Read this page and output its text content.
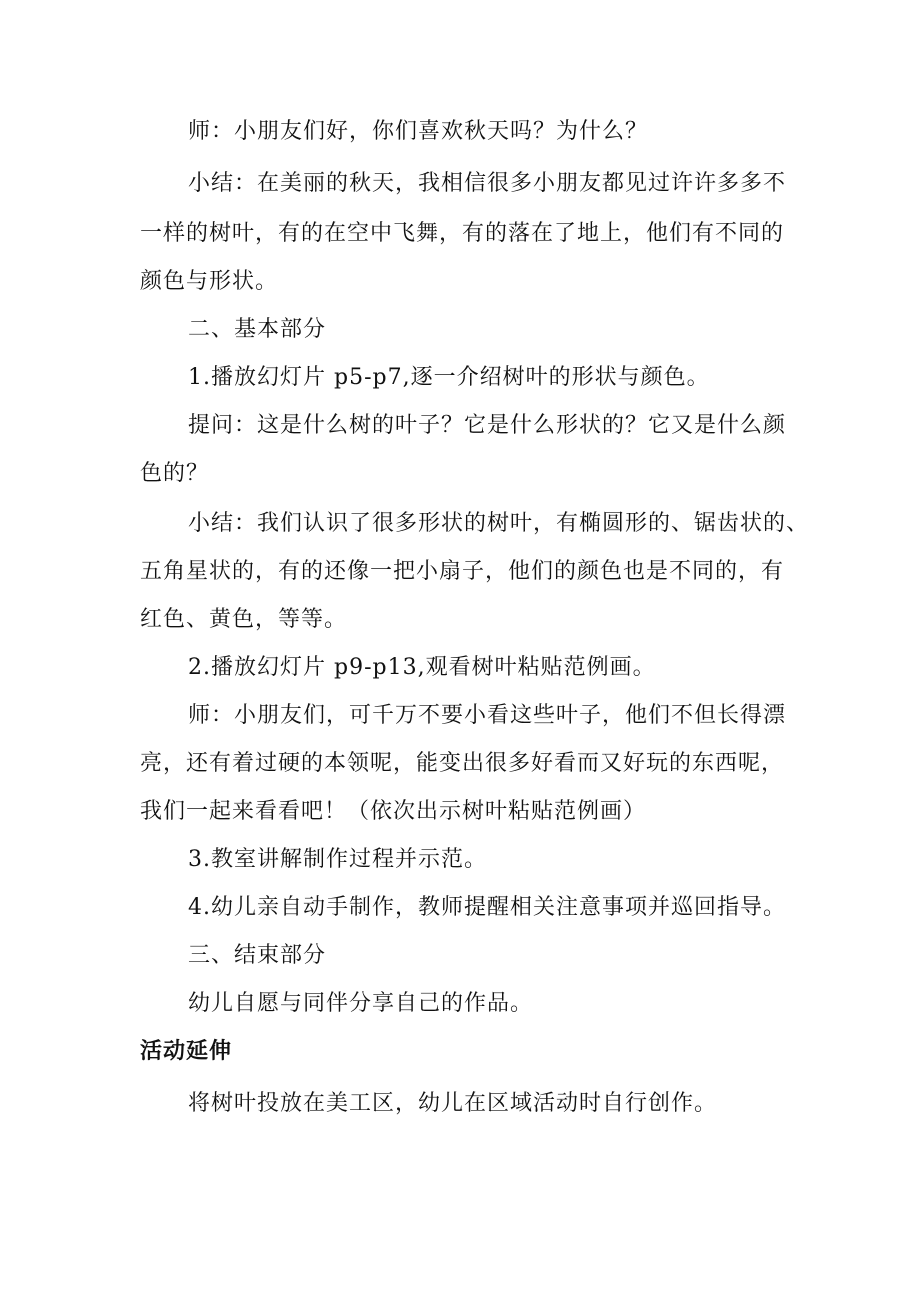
师：小朋友们好，你们喜欢秋天吗？为什么？

小结：在美丽的秋天，我相信很多小朋友都见过许许多多不

一样的树叶，有的在空中飞舞，有的落在了地上，他们有不同的

颜色与形状。

二、基本部分

1.播放幻灯片 p5-p7,逐一介绍树叶的形状与颜色。

提问：这是什么树的叶子？它是什么形状的？它又是什么颜

色的？

小结：我们认识了很多形状的树叶，有椭圆形的、锯齿状的、

五角星状的，有的还像一把小扇子，他们的颜色也是不同的，有

红色、黄色，等等。

2.播放幻灯片 p9-p13,观看树叶粘贴范例画。

师：小朋友们，可千万不要小看这些叶子，他们不但长得漂

亮，还有着过硬的本领呢，能变出很多好看而又好玩的东西呢，

我们一起来看看吧！（依次出示树叶粘贴范例画）

3.教室讲解制作过程并示范。

4.幼儿亲自动手制作，教师提醒相关注意事项并巡回指导。

三、结束部分

幼儿自愿与同伴分享自己的作品。

活动延伸

将树叶投放在美工区，幼儿在区域活动时自行创作。
